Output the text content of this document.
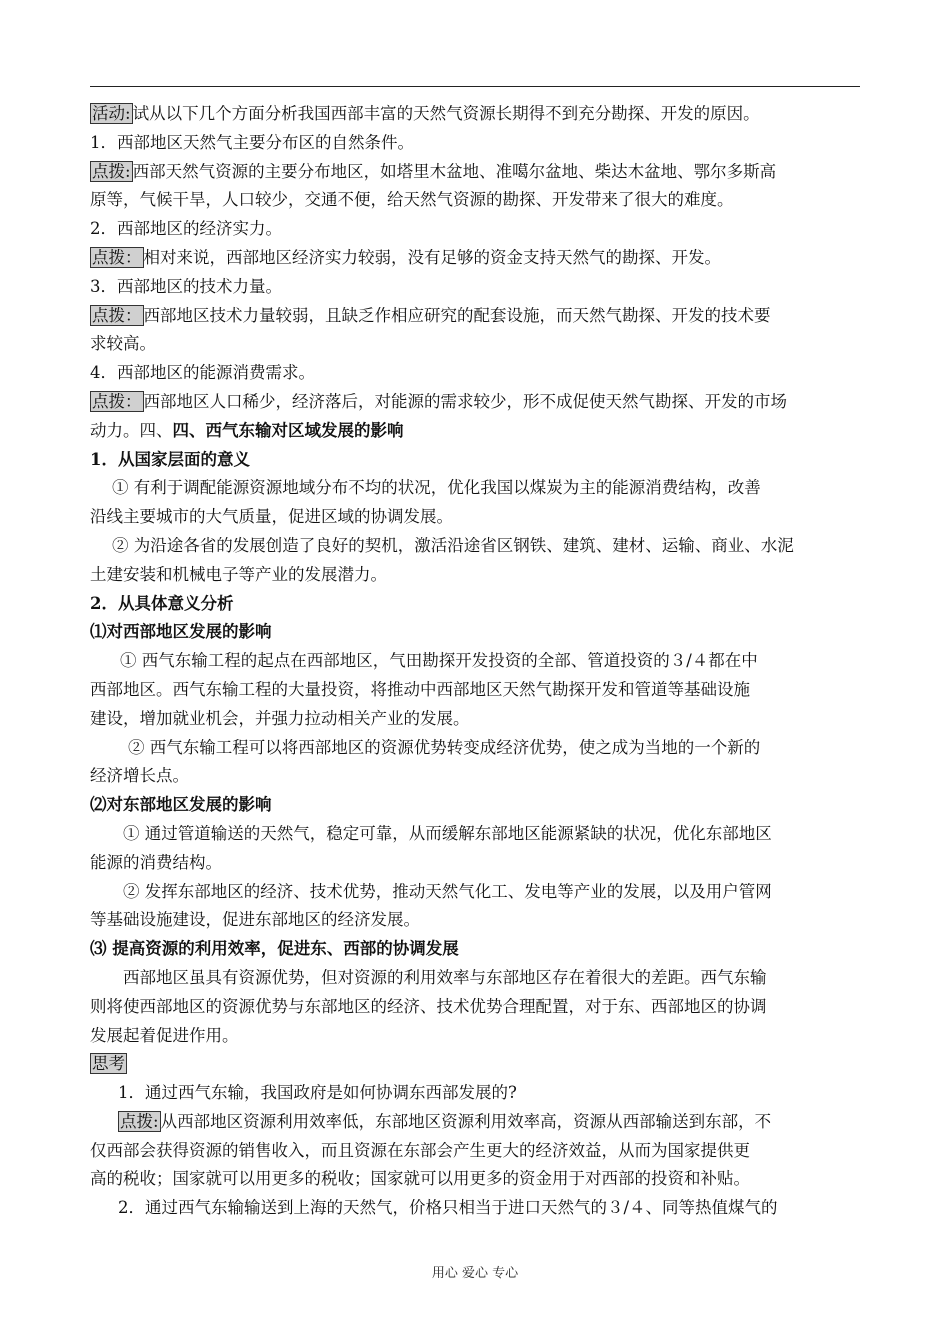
活动: 试从以下几个方面分析我国西部丰富的天然气资源长期得不到充分勘探、开发的原因。
1．西部地区天然气主要分布区的自然条件。
点拨: 西部天然气资源的主要分布地区，如塔里木盆地、准噶尔盆地、柴达木盆地、鄂尔多斯高
原等，气候干旱，人口较少，交通不便，给天然气资源的勘探、开发带来了很大的难度。
2．西部地区的经济实力。
点拨： 相对来说，西部地区经济实力较弱，没有足够的资金支持天然气的勘探、开发。
3．西部地区的技术力量。
点拨： 西部地区技术力量较弱，且缺乏作相应研究的配套设施，而天然气勘探、开发的技术要
求较高。
4．西部地区的能源消费需求。
点拨： 西部地区人口稀少，经济落后，对能源的需求较少，形不成促使天然气勘探、开发的市场
动力。四、四、西气东输对区域发展的影响
1．从国家层面的意义
① 有利于调配能源资源地域分布不均的状况，优化我国以煤炭为主的能源消费结构，改善
沿线主要城市的大气质量，促进区域的协调发展。
② 为沿途各省的发展创造了良好的契机，激活沿途省区钢铁、建筑、建材、运输、商业、水泥
土建安装和机械电子等产业的发展潜力。
2．从具体意义分析
⑴对西部地区发展的影响
① 西气东输工程的起点在西部地区，气田勘探开发投资的全部、管道投资的３/４都在中
西部地区。西气东输工程的大量投资，将推动中西部地区天然气勘探开发和管道等基础设施
建设，增加就业机会，并强力拉动相关产业的发展。
② 西气东输工程可以将西部地区的资源优势转变成经济优势，使之成为当地的一个新的
经济增长点。
⑵对东部地区发展的影响
① 通过管道输送的天然气，稳定可靠，从而缓解东部地区能源紧缺的状况，优化东部地区
能源的消费结构。
② 发挥东部地区的经济、技术优势，推动天然气化工、发电等产业的发展，以及用户管网
等基础设施建设，促进东部地区的经济发展。
⑶ 提高资源的利用效率，促进东、西部的协调发展
西部地区虽具有资源优势，但对资源的利用效率与东部地区存在着很大的差距。西气东输
则将使西部地区的资源优势与东部地区的经济、技术优势合理配置，对于东、西部地区的协调
发展起着促进作用。
思考
1．通过西气东输，我国政府是如何协调东西部发展的?
点拨: 从西部地区资源利用效率低，东部地区资源利用效率高，资源从西部输送到东部，不
仅西部会获得资源的销售收入，而且资源在东部会产生更大的经济效益，从而为国家提供更
高的税收；国家就可以用更多的税收；国家就可以用更多的资金用于对西部的投资和补贴。
2．通过西气东输输送到上海的天然气，价格只相当于进口天然气的３/４、同等热值煤气的
用心 爱心 专心
